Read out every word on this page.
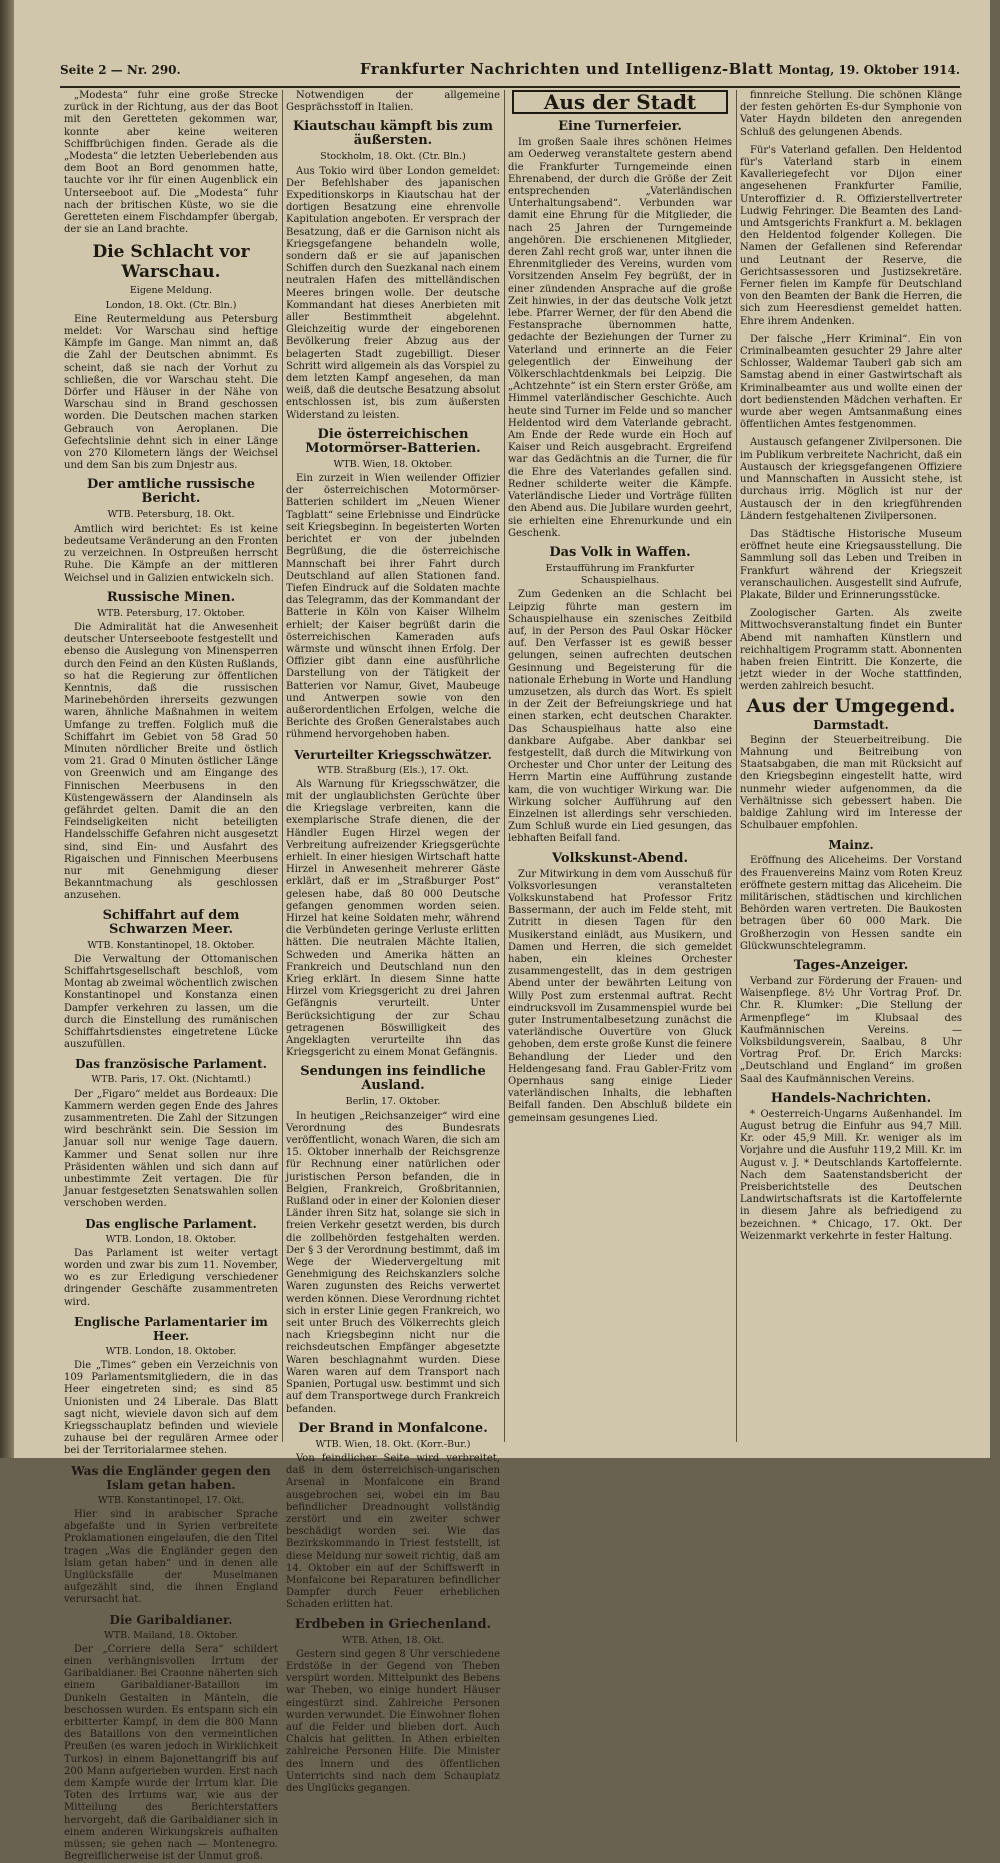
Seite 2 — Nr. 290.	Frankfurter Nachrichten und Intelligenz-Blatt Montag, 19. Oktober 1914.

„Modesta“ fuhr eine große Strecke zurück in der Richtung, aus der das Boot mit den Geretteten gekommen war, konnte aber keine weiteren Schiffbrüchigen finden. Gerade als die „Modesta“ die letzten Ueberlebenden aus dem Boot an Bord genommen hatte, tauchte vor ihr für einen Augenblick ein Unterseeboot auf. Die „Modesta“ fuhr nach der britischen Küste, wo sie die Geretteten einem Fischdampfer übergab, der sie an Land brachte.

Die Schlacht vor Warschau.
Eigene Meldung.
London, 18. Okt. (Ctr. Bln.)

Eine Reutermeldung aus Petersburg meldet: Vor Warschau sind heftige Kämpfe im Gange. Man nimmt an, daß die Zahl der Deutschen abnimmt. Es scheint, daß sie nach der Vorhut zu schließen, die vor Warschau steht. Die Dörfer und Häuser in der Nähe von Warschau sind in Brand geschossen worden. Die Deutschen machen starken Gebrauch von Aeroplanen. Die Gefechtslinie dehnt sich in einer Länge von 270 Kilometern längs der Weichsel und dem San bis zum Dnjestr aus.

Der amtliche russische Bericht.
WTB. Petersburg, 18. Okt.

Amtlich wird berichtet: Es ist keine bedeutsame Veränderung an den Fronten zu verzeichnen. In Ostpreußen herrscht Ruhe. Die Kämpfe an der mittleren Weichsel und in Galizien entwickeln sich.

Russische Minen.
WTB. Petersburg, 17. Oktober.

Die Admiralität hat die Anwesenheit deutscher Unterseeboote festgestellt und ebenso die Auslegung von Minensperren durch den Feind an den Küsten Rußlands, so hat die Regierung zur öffentlichen Kenntnis, daß die russischen Marinebehörden ihrerseits gezwungen waren, ähnliche Maßnahmen in weitem Umfange zu treffen. Folglich muß die Schiffahrt im Gebiet von 58 Grad 50 Minuten nördlicher Breite und östlich vom 21. Grad 0 Minuten östlicher Länge von Greenwich und am Eingange des Finnischen Meerbusens in den Küstengewässern der Alandinseln als gefährdet gelten. Damit die an den Feindseligkeiten nicht beteiligten Handelsschiffe Gefahren nicht ausgesetzt sind, sind Ein- und Ausfahrt des Rigaischen und Finnischen Meerbusens nur mit Genehmigung dieser Bekanntmachung als geschlossen anzusehen.

Schiffahrt auf dem Schwarzen Meer.
WTB. Konstantinopel, 18. Oktober.

Die Verwaltung der Ottomanischen Schiffahrtsgesellschaft beschloß, vom Montag ab zweimal wöchentlich zwischen Konstantinopel und Konstanza einen Dampfer verkehren zu lassen, um die durch die Einstellung des rumänischen Schiffahrtsdienstes eingetretene Lücke auszufüllen.

Das französische Parlament.
WTB. Paris, 17. Okt. (Nichtamtl.)

Der „Figaro“ meldet aus Bordeaux: Die Kammern werden gegen Ende des Jahres zusammentreten. Die Zahl der Sitzungen wird beschränkt sein. Die Session im Januar soll nur wenige Tage dauern. Kammer und Senat sollen nur ihre Präsidenten wählen und sich dann auf unbestimmte Zeit vertagen. Die für Januar festgesetzten Senatswahlen sollen verschoben werden.

Das englische Parlament.
WTB. London, 18. Oktober.

Das Parlament ist weiter vertagt worden und zwar bis zum 11. November, wo es zur Erledigung verschiedener dringender Geschäfte zusammentreten wird.

Englische Parlamentarier im Heer.
WTB. London, 18. Oktober.

Die „Times“ geben ein Verzeichnis von 109 Parlamentsmitgliedern, die in das Heer eingetreten sind; es sind 85 Unionisten und 24 Liberale. Das Blatt sagt nicht, wieviele davon sich auf dem Kriegsschauplatz befinden und wieviele zuhause bei der regulären Armee oder bei der Territorialarmee stehen.

Was die Engländer gegen den Islam getan haben.
WTB. Konstantinopel, 17. Okt.

Hier sind in arabischer Sprache abgefaßte und in Syrien verbreitete Proklamationen eingelaufen, die den Titel tragen „Was die Engländer gegen den Islam getan haben“ und in denen alle Unglücksfälle der Muselmanen aufgezählt sind, die ihnen England verursacht hat.

Die Garibaldianer.
WTB. Mailand, 18. Oktober.

Der „Corriere della Sera“ schildert einen verhängnisvollen Irrtum der Garibaldianer. Bei Craonne näherten sich einem Garibaldianer-Bataillon im Dunkeln Gestalten in Mänteln, die beschossen wurden. Es entspann sich ein erbitterter Kampf, in dem die 800 Mann des Bataillons von den vermeintlichen Preußen (es waren jedoch in Wirklichkeit Turkos) in einem Bajonettangriff bis auf 200 Mann aufgerieben wurden. Erst nach dem Kampfe wurde der Irrtum klar. Die Toten des Irrtums war, wie aus der Mitteilung des Berichterstatters hervorgeht, daß die Garibaldianer sich in einem anderen Wirkungskreis aufhalten müssen; sie gehen nach — Montenegro. Begreiflicherweise ist der Unmut groß.

Notwendigen der allgemeine Gesprächsstoff in Italien.

Kiautschau kämpft bis zum äußersten.
Stockholm, 18. Okt. (Ctr. Bln.)

Aus Tokio wird über London gemeldet: Der Befehlshaber des japanischen Expeditionskorps in Kiautschau hat der dortigen Besatzung eine ehrenvolle Kapitulation angeboten. Er versprach der Besatzung, daß er die Garnison nicht als Kriegsgefangene behandeln wolle, sondern daß er sie auf japanischen Schiffen durch den Suezkanal nach einem neutralen Hafen des mittelländischen Meeres bringen wolle. Der deutsche Kommandant hat dieses Anerbieten mit aller Bestimmtheit abgelehnt. Gleichzeitig wurde der eingeborenen Bevölkerung freier Abzug aus der belagerten Stadt zugebilligt. Dieser Schritt wird allgemein als das Vorspiel zu dem letzten Kampf angesehen, da man weiß, daß die deutsche Besatzung absolut entschlossen ist, bis zum äußersten Widerstand zu leisten.

Die österreichischen Motormörser-Batterien.
WTB. Wien, 18. Oktober.

Ein zurzeit in Wien weilender Offizier der österreichischen Motormörser-Batterien schildert im „Neuen Wiener Tagblatt“ seine Erlebnisse und Eindrücke seit Kriegsbeginn. In begeisterten Worten berichtet er von der jubelnden Begrüßung, die die österreichische Mannschaft bei ihrer Fahrt durch Deutschland auf allen Stationen fand. Tiefen Eindruck auf die Soldaten machte das Telegramm, das der Kommandant der Batterie in Köln von Kaiser Wilhelm erhielt; der Kaiser begrüßt darin die österreichischen Kameraden aufs wärmste und wünscht ihnen Erfolg. Der Offizier gibt dann eine ausführliche Darstellung von der Tätigkeit der Batterien vor Namur, Givet, Maubeuge und Antwerpen sowie von den außerordentlichen Erfolgen, welche die Berichte des Großen Generalstabes auch rühmend hervorgehoben haben.

Verurteilter Kriegsschwätzer.
WTB. Straßburg (Els.), 17. Okt.

Als Warnung für Kriegsschwätzer, die mit der unglaublichsten Gerüchte über die Kriegslage verbreiten, kann die exemplarische Strafe dienen, die der Händler Eugen Hirzel wegen der Verbreitung aufreizender Kriegsgerüchte erhielt. In einer hiesigen Wirtschaft hatte Hirzel in Anwesenheit mehrerer Gäste erklärt, daß er im „Straßburger Post“ gelesen habe, daß 80 000 Deutsche gefangen genommen worden seien. Hirzel hat keine Soldaten mehr, während die Verbündeten geringe Verluste erlitten hätten. Die neutralen Mächte Italien, Schweden und Amerika hätten an Frankreich und Deutschland nun den Krieg erklärt. In diesem Sinne hatte Hirzel vom Kriegsgericht zu drei Jahren Gefängnis verurteilt. Unter Berücksichtigung der zur Schau getragenen Böswilligkeit des Angeklagten verurteilte ihn das Kriegsgericht zu einem Monat Gefängnis.

Sendungen ins feindliche Ausland.
Berlin, 17. Oktober.

In heutigen „Reichsanzeiger“ wird eine Verordnung des Bundesrats veröffentlicht, wonach Waren, die sich am 15. Oktober innerhalb der Reichsgrenze für Rechnung einer natürlichen oder juristischen Person befanden, die in Belgien, Frankreich, Großbritannien, Rußland oder in einer der Kolonien dieser Länder ihren Sitz hat, solange sie sich in freien Verkehr gesetzt werden, bis durch die zollbehörden festgehalten werden. Der § 3 der Verordnung bestimmt, daß im Wege der Wiedervergeltung mit Genehmigung des Reichskanzlers solche Waren zugunsten des Reichs verwertet werden können. Diese Verordnung richtet sich in erster Linie gegen Frankreich, wo seit unter Bruch des Völkerrechts gleich nach Kriegsbeginn nicht nur die reichsdeutschen Empfänger abgesetzte Waren beschlagnahmt wurden. Diese Waren waren auf dem Transport nach Spanien, Portugal usw. bestimmt und sich auf dem Transportwege durch Frankreich befanden.

Der Brand in Monfalcone.
WTB. Wien, 18. Okt. (Korr.-Bur.)

Von feindlicher Seite wird verbreitet, daß in dem österreichisch-ungarischen Arsenal in Monfalcone ein Brand ausgebrochen sei, wobei ein im Bau befindlicher Dreadnought vollständig zerstört und ein zweiter schwer beschädigt worden sei. Wie das Bezirkskommando in Triest feststellt, ist diese Meldung nur soweit richtig, daß am 14. Oktober ein auf der Schiffswerft in Monfalcone bei Reparaturen befindlicher Dampfer durch Feuer erheblichen Schaden erlitten hat.

Erdbeben in Griechenland.
WTB. Athen, 18. Okt.

Gestern sind gegen 8 Uhr verschiedene Erdstöße in der Gegend von Theben verspürt worden. Mittelpunkt des Bebens war Theben, wo einige hundert Häuser eingestürzt sind. Zahlreiche Personen wurden verwundet. Die Einwohner flohen auf die Felder und blieben dort. Auch Chalcis hat gelitten. In Athen erbielten zahlreiche Personen Hilfe. Die Minister des Innern und des öffentlichen Unterrichts sind nach dem Schauplatz des Unglücks gegangen.

Aus der Stadt
Eine Turnerfeier.

Im großen Saale ihres schönen Heimes am Oederweg veranstaltete gestern abend die Frankfurter Turngemeinde einen Ehrenabend, der durch die Größe der Zeit entsprechenden „Vaterländischen Unterhaltungsabend“. Verbunden war damit eine Ehrung für die Mitglieder, die nach 25 Jahren der Turngemeinde angehören. Die erschienenen Mitglieder, deren Zahl recht groß war, unter ihnen die Ehrenmitglieder des Vereins, wurden vom Vorsitzenden Anselm Fey begrüßt, der in einer zündenden Ansprache auf die große Zeit hinwies, in der das deutsche Volk jetzt lebe. Pfarrer Werner, der für den Abend die Festansprache übernommen hatte, gedachte der Beziehungen der Turner zu Vaterland und erinnerte an die Feier gelegentlich der Einweihung der Völkerschlachtdenkmals bei Leipzig. Die „Achtzehnte“ ist ein Stern erster Größe, am Himmel vaterländischer Geschichte. Auch heute sind Turner im Felde und so mancher Heldentod wird dem Vaterlande gebracht. Am Ende der Rede wurde ein Hoch auf Kaiser und Reich ausgebracht. Ergreifend war das Gedächtnis an die Turner, die für die Ehre des Vaterlandes gefallen sind. Redner schilderte weiter die Kämpfe. Vaterländische Lieder und Vorträge füllten den Abend aus. Die Jubilare wurden geehrt, sie erhielten eine Ehrenurkunde und ein Geschenk.

Das Volk in Waffen.
Erstaufführung im Frankfurter Schauspielhaus.

Zum Gedenken an die Schlacht bei Leipzig führte man gestern im Schauspielhause ein szenisches Zeitbild auf, in der Person des Paul Oskar Höcker auf. Den Verfasser ist es gewiß besser gelungen, seinen aufrechten deutschen Gesinnung und Begeisterung für die nationale Erhebung in Worte und Handlung umzusetzen, als durch das Wort. Es spielt in der Zeit der Befreiungskriege und hat einen starken, echt deutschen Charakter. Das Schauspielhaus hatte also eine dankbare Aufgabe. Aber dankbar sei festgestellt, daß durch die Mitwirkung von Orchester und Chor unter der Leitung des Herrn Martin eine Aufführung zustande kam, die von wuchtiger Wirkung war. Die Wirkung solcher Aufführung auf den Einzelnen ist allerdings sehr verschieden. Zum Schluß wurde ein Lied gesungen, das lebhaften Beifall fand.

Volkskunst-Abend.

Zur Mitwirkung in dem vom Ausschuß für Volksvorlesungen veranstalteten Volkskunstabend hat Professor Fritz Bassermann, der auch im Felde steht, mit Zutritt in diesen Tagen für den Musikerstand einlädt, aus Musikern, und Damen und Herren, die sich gemeldet haben, ein kleines Orchester zusammengestellt, das in dem gestrigen Abend unter der bewährten Leitung von Willy Post zum erstenmal auftrat. Recht eindrucksvoll im Zusammenspiel wurde bei guter Instrumentalbesetzung zunächst die vaterländische Ouvertüre von Gluck gehoben, dem erste große Kunst die feinere Behandlung der Lieder und den Heldengesang fand. Frau Gabler-Fritz vom Opernhaus sang einige Lieder vaterländischen Inhalts, die lebhaften Beifall fanden. Den Abschluß bildete ein gemeinsam gesungenes Lied.

finnreiche Stellung. Die schönen Klänge der festen gehörten Es-dur Symphonie von Vater Haydn bildeten den anregenden Schluß des gelungenen Abends.

Für's Vaterland gefallen. Den Heldentod für's Vaterland starb in einem Kavalleriegefecht vor Dijon einer angesehenen Frankfurter Familie, Unteroffizier d. R. Offizierstellvertreter Ludwig Fehringer. Die Beamten des Land- und Amtsgerichts Frankfurt a. M. beklagen den Heldentod folgender Kollegen. Die Namen der Gefallenen sind Referendar und Leutnant der Reserve, die Gerichtsassessoren und Justizsekretäre. Ferner fielen im Kampfe für Deutschland von den Beamten der Bank die Herren, die sich zum Heeresdienst gemeldet hatten. Ehre ihrem Andenken.

Der falsche „Herr Kriminal“. Ein von Criminalbeamten gesuchter 29 Jahre alter Schlosser, Waldemar Tauberl gab sich am Samstag abend in einer Gastwirtschaft als Kriminalbeamter aus und wollte einen der dort bedienstenden Mädchen verhaften. Er wurde aber wegen Amtsanmaßung eines öffentlichen Amtes festgenommen.

Austausch gefangener Zivilpersonen. Die im Publikum verbreitete Nachricht, daß ein Austausch der kriegsgefangenen Offiziere und Mannschaften in Aussicht stehe, ist durchaus irrig. Möglich ist nur der Austausch der in den kriegführenden Ländern festgehaltenen Zivilpersonen.

Das Städtische Historische Museum eröffnet heute eine Kriegsausstellung. Die Sammlung soll das Leben und Treiben in Frankfurt während der Kriegszeit veranschaulichen. Ausgestellt sind Aufrufe, Plakate, Bilder und Erinnerungsstücke.

Zoologischer Garten. Als zweite Mittwochsveranstaltung findet ein Bunter Abend mit namhaften Künstlern und reichhaltigem Programm statt. Abonnenten haben freien Eintritt. Die Konzerte, die jetzt wieder in der Woche stattfinden, werden zahlreich besucht.

Aus der Umgegend.
Darmstadt.

Beginn der Steuerbeitreibung. Die Mahnung und Beitreibung von Staatsabgaben, die man mit Rücksicht auf den Kriegsbeginn eingestellt hatte, wird nunmehr wieder aufgenommen, da die Verhältnisse sich gebessert haben. Die baldige Zahlung wird im Interesse der Schulbauer empfohlen.

Mainz.

Eröffnung des Aliceheims. Der Vorstand des Frauenvereins Mainz vom Roten Kreuz eröffnete gestern mittag das Aliceheim. Die militärischen, städtischen und kirchlichen Behörden waren vertreten. Die Baukosten betragen über 60 000 Mark. Die Großherzogin von Hessen sandte ein Glückwunschtelegramm.

Tages-Anzeiger.

Verband zur Förderung der Frauen- und Waisenpflege. 8½ Uhr Vortrag Prof. Dr. Chr. R. Klumker: „Die Stellung der Armenpflege“ im Klubsaal des Kaufmännischen Vereins. — Volksbildungsverein, Saalbau, 8 Uhr Vortrag Prof. Dr. Erich Marcks: „Deutschland und England“ im großen Saal des Kaufmännischen Vereins.

Handels-Nachrichten.

* Oesterreich-Ungarns Außenhandel. Im August betrug die Einfuhr aus 94,7 Mill. Kr. oder 45,9 Mill. Kr. weniger als im Vorjahre und die Ausfuhr 119,2 Mill. Kr. im August v. J. * Deutschlands Kartoffelernte. Nach dem Saatenstandsbericht der Preisberichtstelle des Deutschen Landwirtschaftsrats ist die Kartoffelernte in diesem Jahre als befriedigend zu bezeichnen. * Chicago, 17. Okt. Der Weizenmarkt verkehrte in fester Haltung.
